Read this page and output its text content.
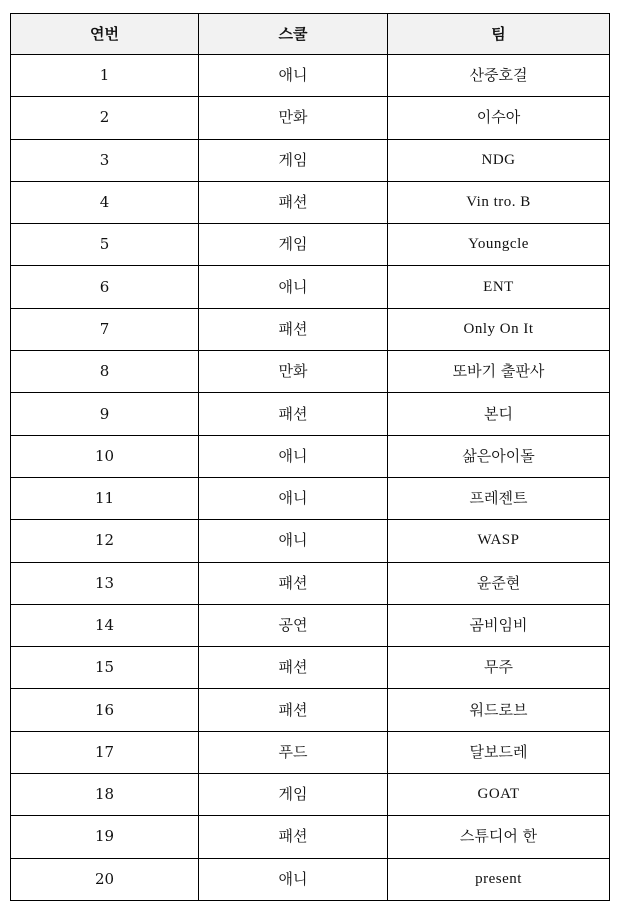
연번	스쿨	팀
1	애니	산중호걸
2	만화	이수아
3	게임	NDG
4	패션	Vin tro. B
5	게임	Youngcle
6	애니	ENT
7	패션	Only On It
8	만화	또바기 출판사
9	패션	본디
10	애니	삶은아이돌
11	애니	프레젠트
12	애니	WASP
13	패션	윤준현
14	공연	곰비임비
15	패션	무주
16	패션	워드로브
17	푸드	달보드레
18	게임	GOAT
19	패션	스튜디어 한
20	애니	present
